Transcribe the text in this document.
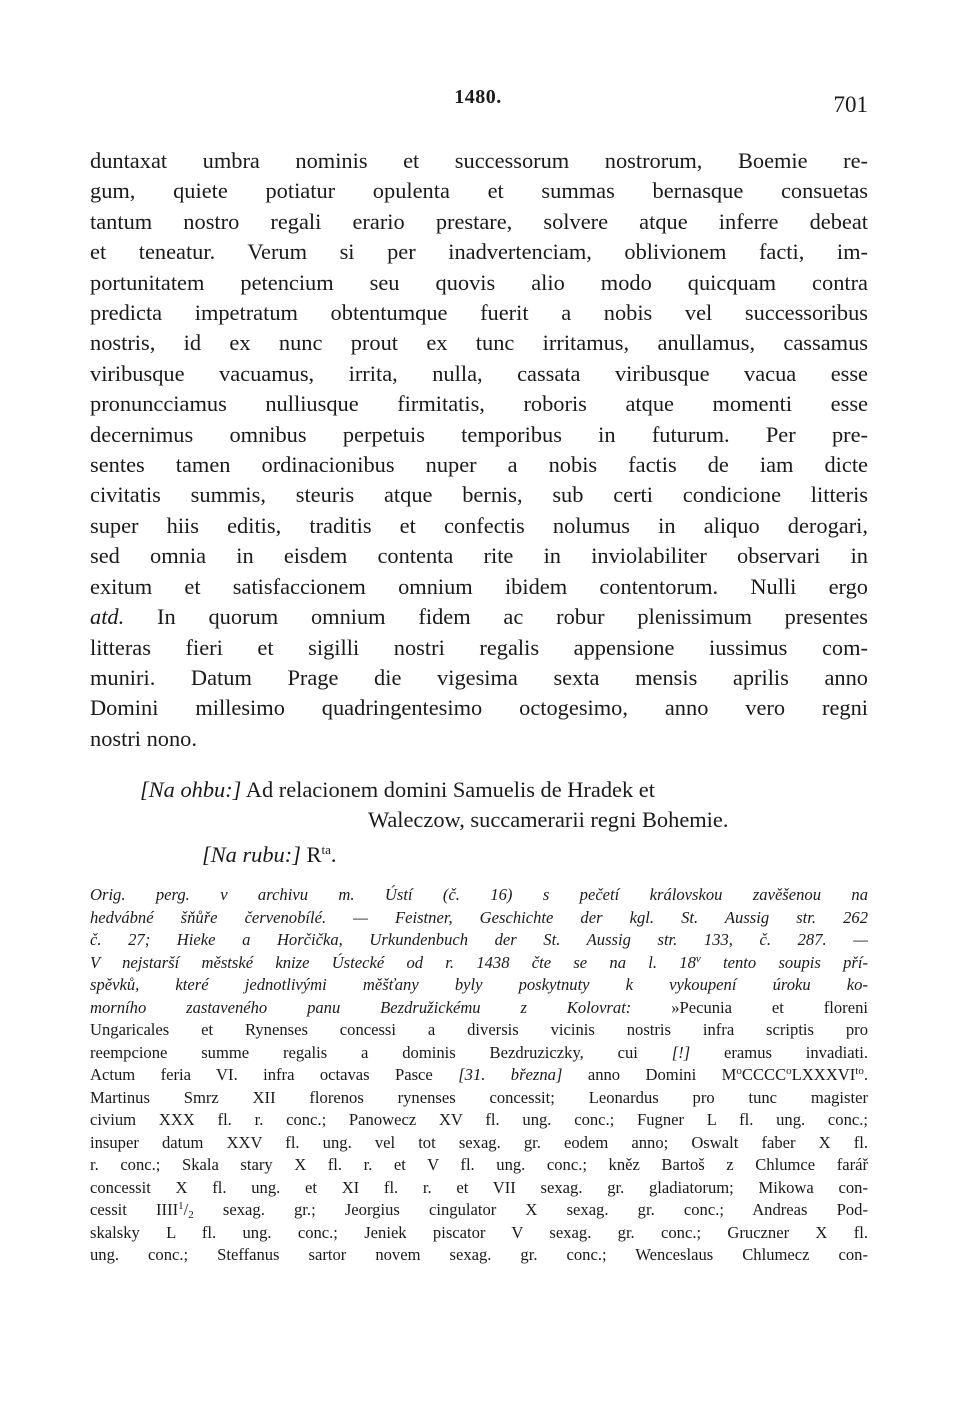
1480.	701
duntaxat umbra nominis et successorum nostrorum, Boemie re-
gum, quiete potiatur opulenta et summas bernasque consuetas
tantum nostro regali erario prestare, solvere atque inferre debeat
et teneatur. Verum si per inadvertenciam, oblivionem facti, im-
portunitatem petencium seu quovis alio modo quicquam contra
predicta impetratum obtentumque fuerit a nobis vel successoribus
nostris, id ex nunc prout ex tunc irritamus, anullamus, cassamus
viribusque vacuamus, irrita, nulla, cassata viribusque vacua esse
pronuncciamus nulliusque firmitatis, roboris atque momenti esse
decernimus omnibus perpetuis temporibus in futurum. Per pre-
sentes tamen ordinacionibus nuper a nobis factis de iam dicte
civitatis summis, steuris atque bernis, sub certi condicione litteris
super hiis editis, traditis et confectis nolumus in aliquo derogari,
sed omnia in eisdem contenta rite in inviolabiliter observari in
exitum et satisfaccionem omnium ibidem contentorum. Nulli ergo
atd. In quorum omnium fidem ac robur plenissimum presentes
litteras fieri et sigilli nostri regalis appensione iussimus com-
muniri. Datum Prage die vigesima sexta mensis aprilis anno
Domini millesimo quadringentesimo octogesimo, anno vero regni
nostri nono.
[Na ohbu:] Ad relacionem domini Samuelis de Hradek et
Waleczow, succamerarii regni Bohemie.
[Na rubu:] $R^{ta}$.
Orig. perg. v archivu m. Ústí (č. 16) s pečetí královskou zavěšenou na
hedvábné šňůře červenobílé. — Feistner, Geschichte der kgl. St. Aussig str. 262
č. 27; Hieke a Horčička, Urkundenbuch der St. Aussig str. 133, č. 287. —
V nejstarší městské knize Ústecké od r. 1438 čte se na l. 18$^v$ tento soupis pří-
spěvků, které jednotlivými měšťany byly poskytnuty k vykoupení úroku ko-
morního zastaveného panu Bezdružickému z Kolovrat: »Pecunia et floreni
Ungaricales et Rynenses concessi a diversis vicinis nostris infra scriptis pro
reempcione summe regalis a dominis Bezdruziczky, cui [!] eramus invadiati.
Actum feria VI. infra octavas Pasce [31. března] anno Domini $M^oCCCC^oLXXXVI^{to}$.
Martinus Smrz XII florenos rynenses concessit; Leonardus pro tunc magister
civium XXX fl. r. conc.; Panowecz XV fl. ung. conc.; Fugner L fl. ung. conc.;
insuper datum XXV fl. ung. vel tot sexag. gr. eodem anno; Oswalt faber X fl.
r. conc.; Skala stary X fl. r. et V fl. ung. conc.; kněz Bartoš z Chlumce farář
concessit X fl. ung. et XI fl. r. et VII sexag. gr. gladiatorum; Mikowa con-
cessit $IIII^1/_2$ sexag. gr.; Jeorgius cingulator X sexag. gr. conc.; Andreas Pod-
skalsky L fl. ung. conc.; Jeniek piscator V sexag. gr. conc.; Gruczner X fl.
ung. conc.; Steffanus sartor novem sexag. gr. conc.; Wenceslaus Chlumecz con-
